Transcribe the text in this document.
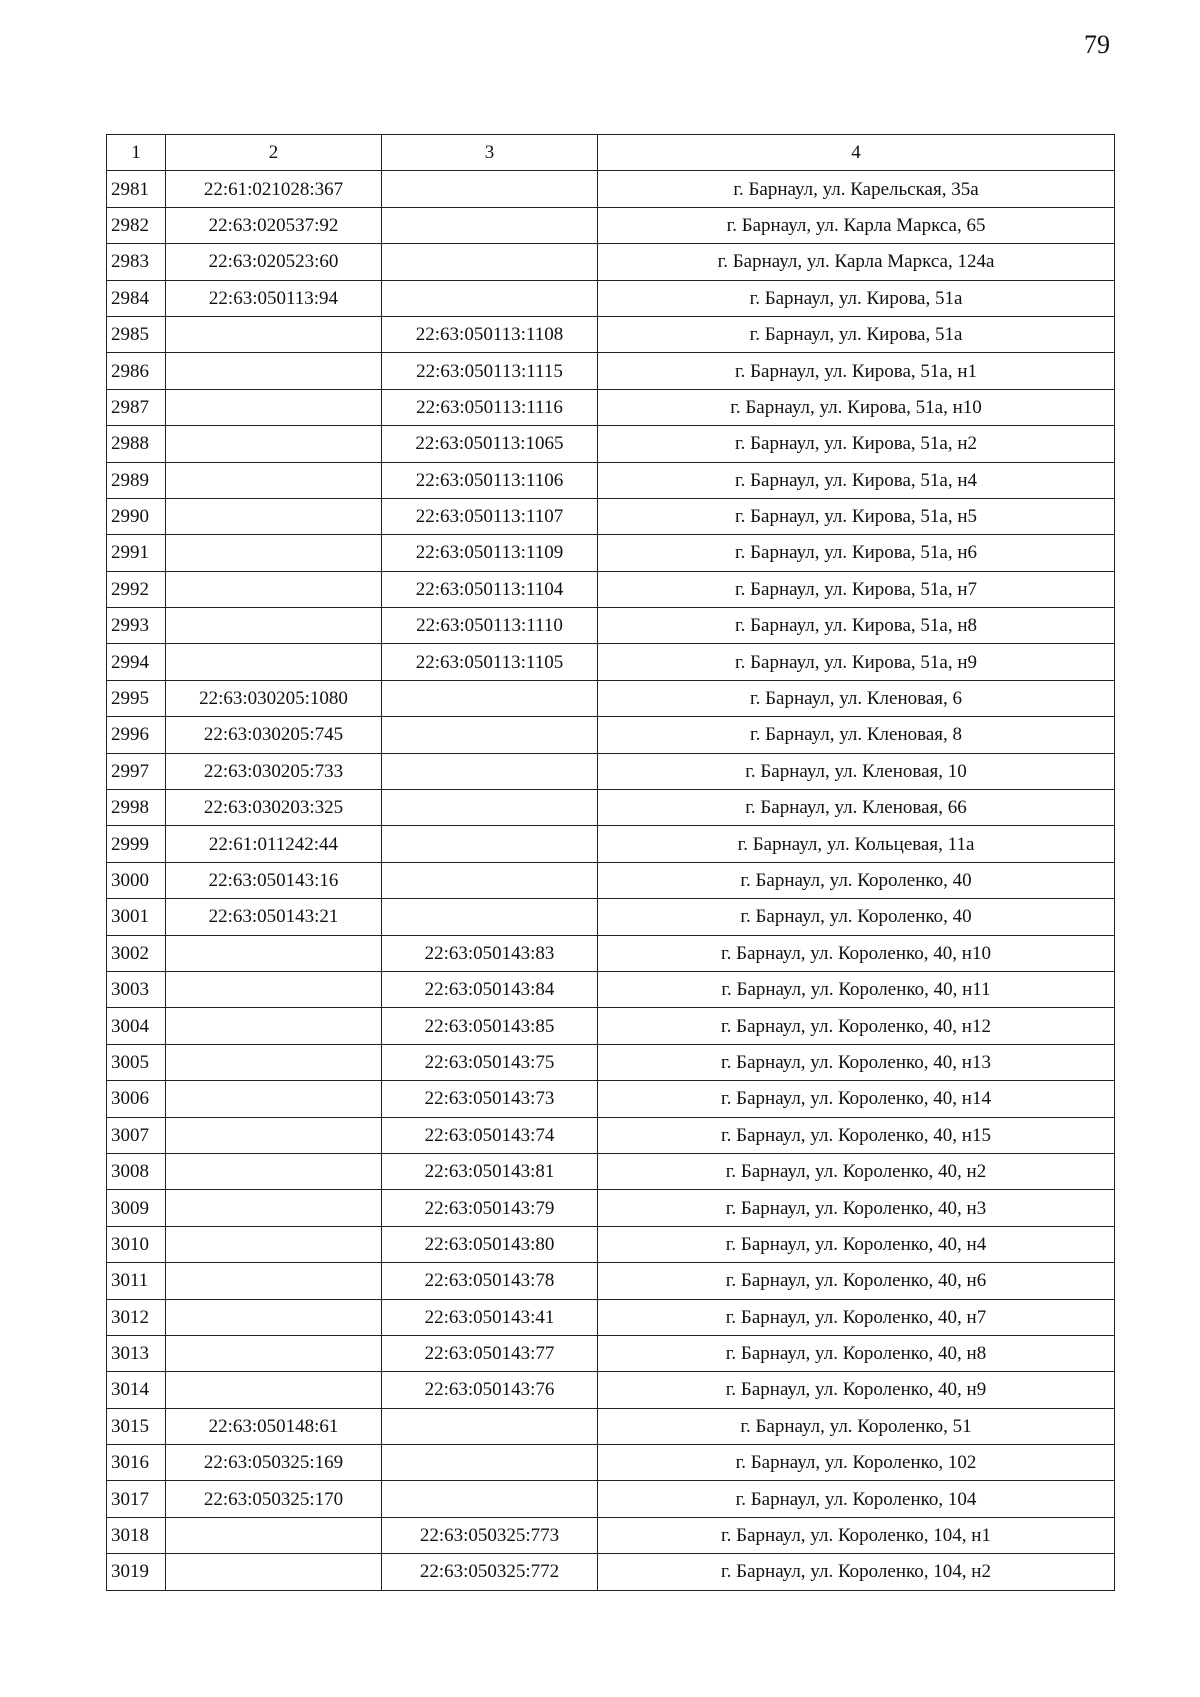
79
1	2	3	4
2981	22:61:021028:367		г. Барнаул, ул. Карельская, 35а
2982	22:63:020537:92		г. Барнаул, ул. Карла Маркса, 65
2983	22:63:020523:60		г. Барнаул, ул. Карла Маркса, 124а
2984	22:63:050113:94		г. Барнаул, ул. Кирова, 51а
2985		22:63:050113:1108	г. Барнаул, ул. Кирова, 51а
2986		22:63:050113:1115	г. Барнаул, ул. Кирова, 51а, н1
2987		22:63:050113:1116	г. Барнаул, ул. Кирова, 51а, н10
2988		22:63:050113:1065	г. Барнаул, ул. Кирова, 51а, н2
2989		22:63:050113:1106	г. Барнаул, ул. Кирова, 51а, н4
2990		22:63:050113:1107	г. Барнаул, ул. Кирова, 51а, н5
2991		22:63:050113:1109	г. Барнаул, ул. Кирова, 51а, н6
2992		22:63:050113:1104	г. Барнаул, ул. Кирова, 51а, н7
2993		22:63:050113:1110	г. Барнаул, ул. Кирова, 51а, н8
2994		22:63:050113:1105	г. Барнаул, ул. Кирова, 51а, н9
2995	22:63:030205:1080		г. Барнаул, ул. Кленовая, 6
2996	22:63:030205:745		г. Барнаул, ул. Кленовая, 8
2997	22:63:030205:733		г. Барнаул, ул. Кленовая, 10
2998	22:63:030203:325		г. Барнаул, ул. Кленовая, 66
2999	22:61:011242:44		г. Барнаул, ул. Кольцевая, 11а
3000	22:63:050143:16		г. Барнаул, ул. Короленко, 40
3001	22:63:050143:21		г. Барнаул, ул. Короленко, 40
3002		22:63:050143:83	г. Барнаул, ул. Короленко, 40, н10
3003		22:63:050143:84	г. Барнаул, ул. Короленко, 40, н11
3004		22:63:050143:85	г. Барнаул, ул. Короленко, 40, н12
3005		22:63:050143:75	г. Барнаул, ул. Короленко, 40, н13
3006		22:63:050143:73	г. Барнаул, ул. Короленко, 40, н14
3007		22:63:050143:74	г. Барнаул, ул. Короленко, 40, н15
3008		22:63:050143:81	г. Барнаул, ул. Короленко, 40, н2
3009		22:63:050143:79	г. Барнаул, ул. Короленко, 40, н3
3010		22:63:050143:80	г. Барнаул, ул. Короленко, 40, н4
3011		22:63:050143:78	г. Барнаул, ул. Короленко, 40, н6
3012		22:63:050143:41	г. Барнаул, ул. Короленко, 40, н7
3013		22:63:050143:77	г. Барнаул, ул. Короленко, 40, н8
3014		22:63:050143:76	г. Барнаул, ул. Короленко, 40, н9
3015	22:63:050148:61		г. Барнаул, ул. Короленко, 51
3016	22:63:050325:169		г. Барнаул, ул. Короленко, 102
3017	22:63:050325:170		г. Барнаул, ул. Короленко, 104
3018		22:63:050325:773	г. Барнаул, ул. Короленко, 104, н1
3019		22:63:050325:772	г. Барнаул, ул. Короленко, 104, н2
